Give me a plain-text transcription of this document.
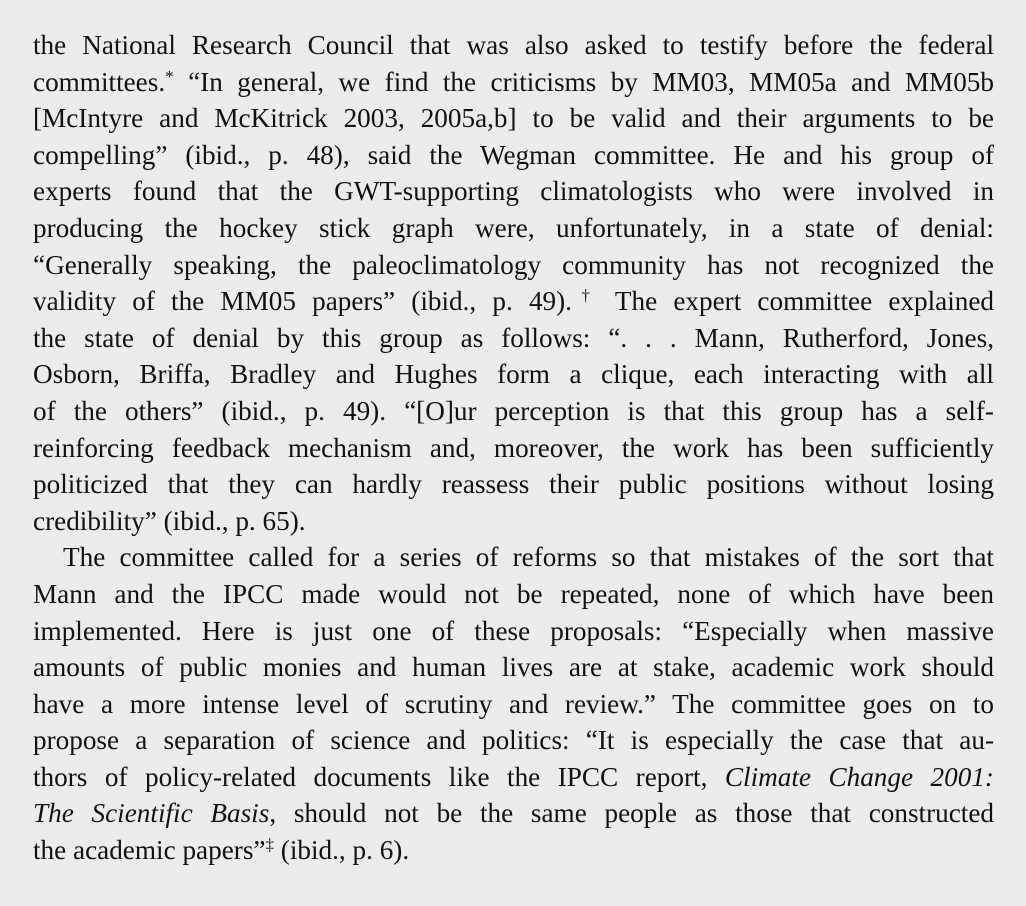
the National Research Council that was also asked to testify before the federal
committees.* “In general, we find the criticisms by MM03, MM05a and MM05b
[McIntyre and McKitrick 2003, 2005a,b] to be valid and their arguments to be
compelling” (ibid., p. 48), said the Wegman committee. He and his group of
experts found that the GWT-supporting climatologists who were involved in
producing the hockey stick graph were, unfortunately, in a state of denial:
“Generally speaking, the paleoclimatology community has not recognized the
validity of the MM05 papers” (ibid., p. 49).† The expert committee explained
the state of denial by this group as follows: “. . . Mann, Rutherford, Jones,
Osborn, Briffa, Bradley and Hughes form a clique, each interacting with all
of the others” (ibid., p. 49). “[O]ur perception is that this group has a self-
reinforcing feedback mechanism and, moreover, the work has been sufficiently
politicized that they can hardly reassess their public positions without losing
credibility” (ibid., p. 65).
The committee called for a series of reforms so that mistakes of the sort that
Mann and the IPCC made would not be repeated, none of which have been
implemented. Here is just one of these proposals: “Especially when massive
amounts of public monies and human lives are at stake, academic work should
have a more intense level of scrutiny and review.” The committee goes on to
propose a separation of science and politics: “It is especially the case that au-
thors of policy-related documents like the IPCC report, Climate Change 2001:
The Scientific Basis, should not be the same people as those that constructed
the academic papers”‡ (ibid., p. 6).
